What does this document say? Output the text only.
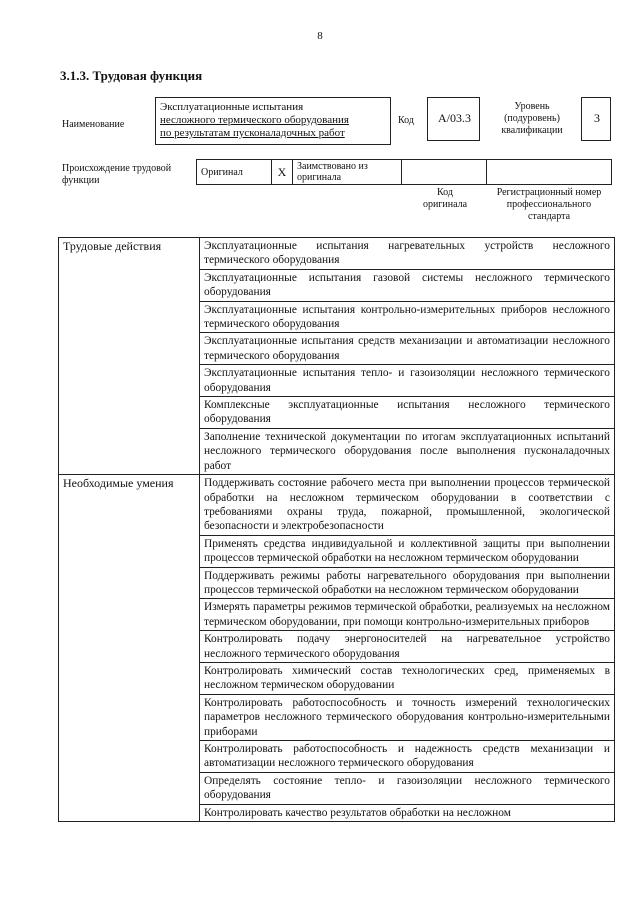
8
3.1.3. Трудовая функция
Наименование
Эксплуатационные испытания
несложного термического оборудования
по результатам пусконаладочных работ
Код	A/03.3
Уровень
(подуровень)
квалификации
3
Происхождение трудовой
функции
Оригинал	X	Заимствовано из
оригинала

Код
оригинала
Регистрационный номер
профессионального
стандарта
Трудовые действия	Эксплуатационные испытания нагревательных устройств несложного термического оборудования
	Эксплуатационные испытания газовой системы несложного термического оборудования
	Эксплуатационные испытания контрольно-измерительных приборов несложного термического оборудования
	Эксплуатационные испытания средств механизации и автоматизации несложного термического оборудования
	Эксплуатационные испытания тепло- и газоизоляции несложного термического оборудования
	Комплексные эксплуатационные испытания несложного термического оборудования
	Заполнение технической документации по итогам эксплуатационных испытаний несложного термического оборудования после выполнения пусконаладочных работ
Необходимые умения	Поддерживать состояние рабочего места при выполнении процессов термической обработки на несложном термическом оборудовании в соответствии с требованиями охраны труда, пожарной, промышленной, экологической безопасности и электробезопасности
	Применять средства индивидуальной и коллективной защиты при выполнении процессов термической обработки на несложном термическом оборудовании
	Поддерживать режимы работы нагревательного оборудования при выполнении процессов термической обработки на несложном термическом оборудовании
	Измерять параметры режимов термической обработки, реализуемых на несложном термическом оборудовании, при помощи контрольно-измерительных приборов
	Контролировать подачу энергоносителей на нагревательное устройство несложного термического оборудования
	Контролировать химический состав технологических сред, применяемых в несложном термическом оборудовании
	Контролировать работоспособность и точность измерений технологических параметров несложного термического оборудования контрольно-измерительными приборами
	Контролировать работоспособность и надежность средств механизации и автоматизации несложного термического оборудования
	Определять состояние тепло- и газоизоляции несложного термического оборудования
	Контролировать качество результатов обработки на несложном
